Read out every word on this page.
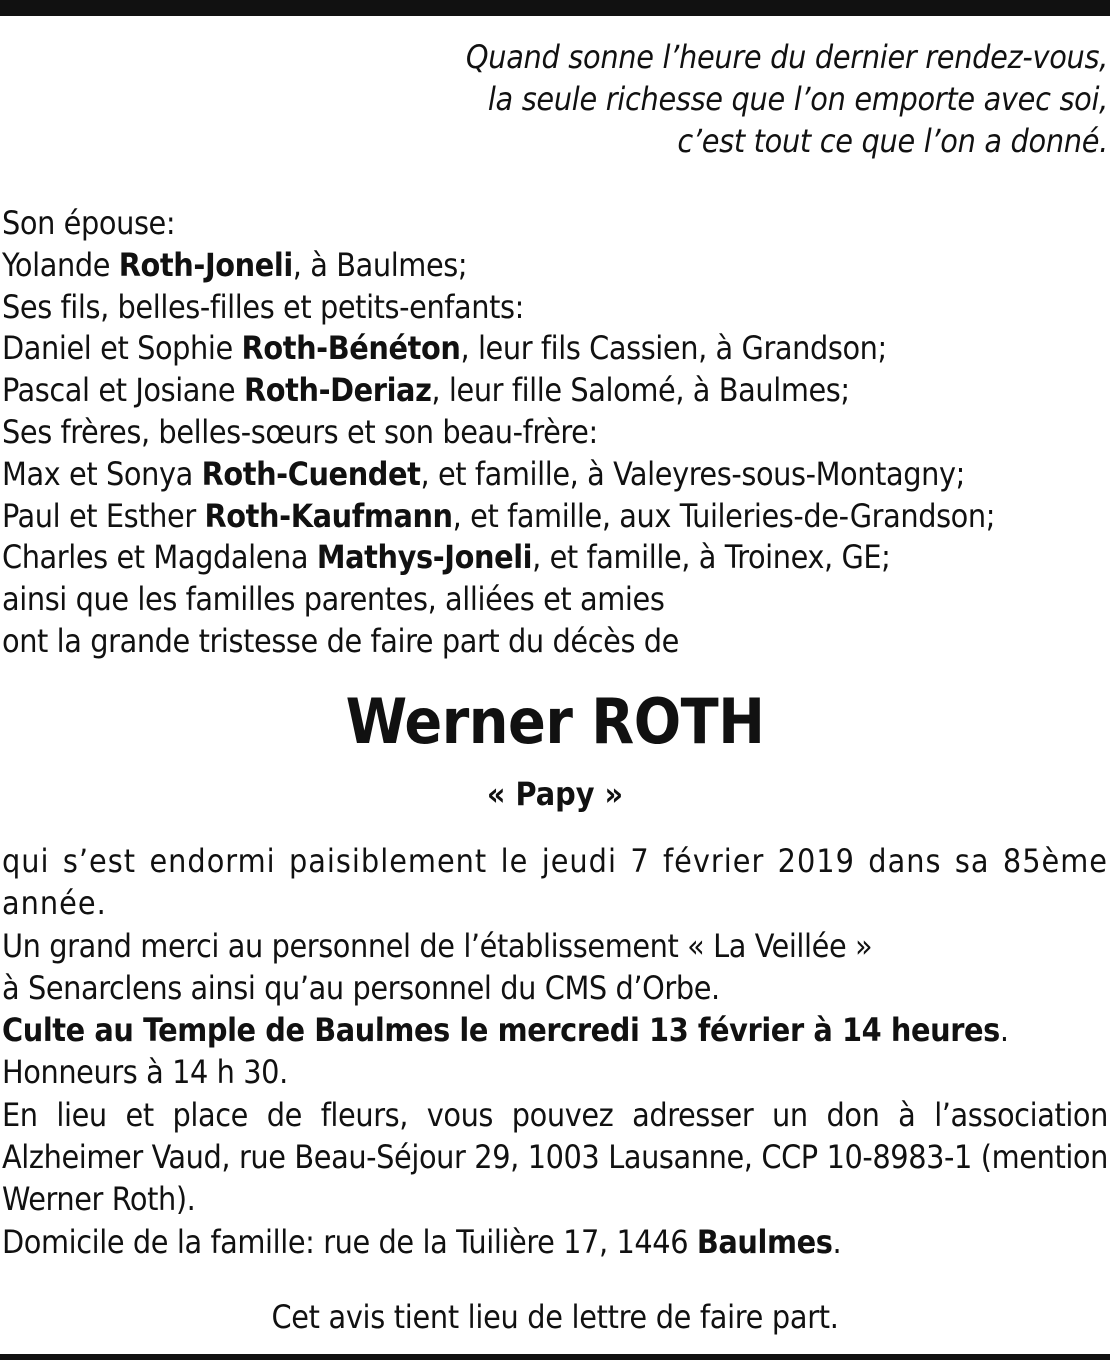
Quand sonne l’heure du dernier rendez-vous,
la seule richesse que l’on emporte avec soi,
c’est tout ce que l’on a donné.
Son épouse:
Yolande Roth-Joneli, à Baulmes;
Ses fils, belles-filles et petits-enfants:
Daniel et Sophie Roth-Bénéton, leur fils Cassien, à Grandson;
Pascal et Josiane Roth-Deriaz, leur fille Salomé, à Baulmes;
Ses frères, belles-sœurs et son beau-frère:
Max et Sonya Roth-Cuendet, et famille, à Valeyres-sous-Montagny;
Paul et Esther Roth-Kaufmann, et famille, aux Tuileries-de-Grandson;
Charles et Magdalena Mathys-Joneli, et famille, à Troinex, GE;
ainsi que les familles parentes, alliées et amies
ont la grande tristesse de faire part du décès de
Werner ROTH
« Papy »
qui s’est endormi paisiblement le jeudi 7 février 2019 dans sa 85ème année.
Un grand merci au personnel de l’établissement « La Veillée »
à Senarclens ainsi qu’au personnel du CMS d’Orbe.
Culte au Temple de Baulmes le mercredi 13 février à 14 heures.
Honneurs à 14 h 30.
En lieu et place de fleurs, vous pouvez adresser un don à l’association Alzheimer Vaud, rue Beau-Séjour 29, 1003 Lausanne, CCP 10-8983-1 (mention Werner Roth).
Domicile de la famille: rue de la Tuilière 17, 1446 Baulmes.
Cet avis tient lieu de lettre de faire part.
